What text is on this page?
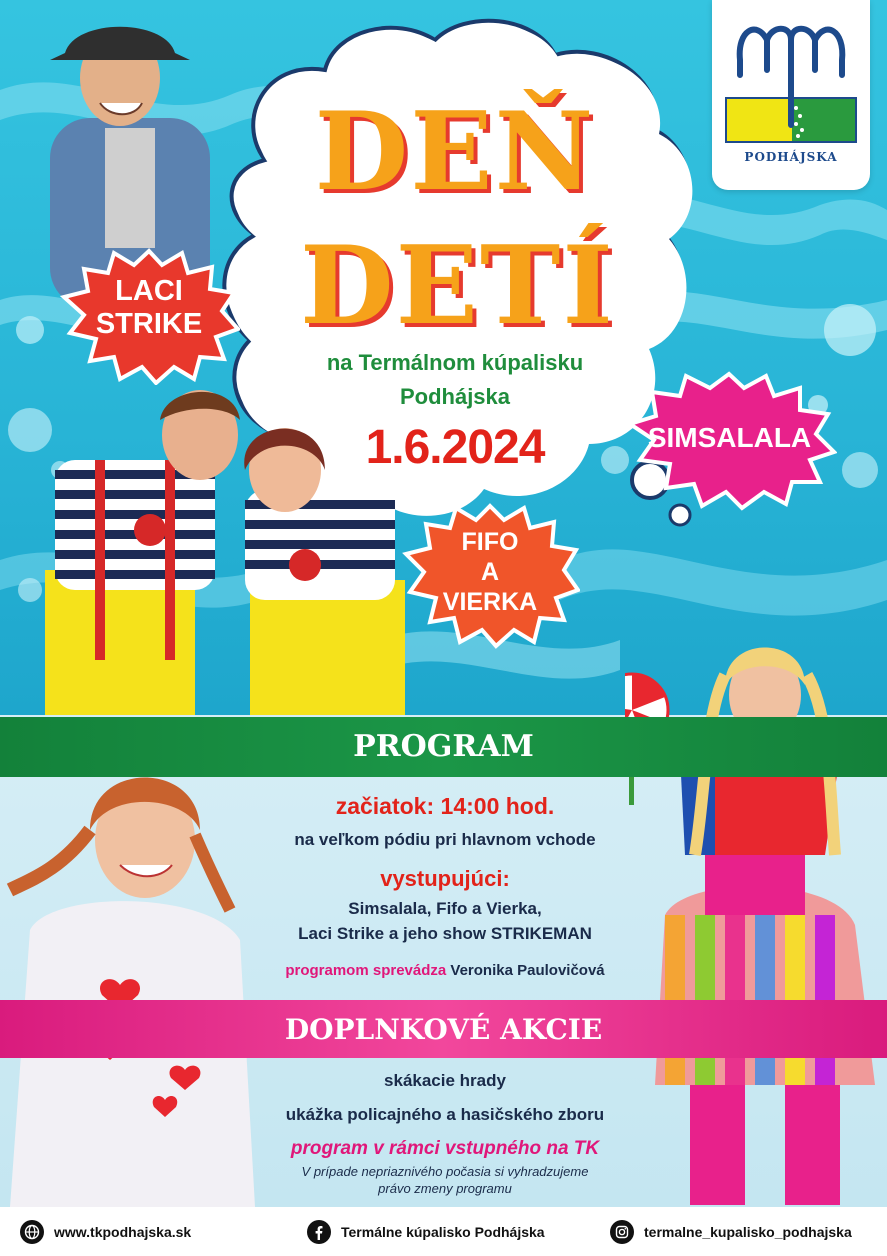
DEŇ
DETÍ
na Termálnom kúpalisku
Podhájska
1.6.2024
PODHÁJSKA
LACI
STRIKE
SIMSALALA
FIFO
A
VIERKA
PROGRAM
začiatok: 14:00 hod.
na veľkom pódiu pri hlavnom vchode
vystupujúci:
Simsalala, Fifo a Vierka,
Laci Strike a jeho show STRIKEMAN
programom sprevádza Veronika Paulovičová
DOPLNKOVÉ AKCIE
skákacie hrady
ukážka policajného a hasičského zboru
program v rámci vstupného na TK
V prípade nepriaznivého počasia si vyhradzujeme
právo zmeny programu
www.tkpodhajska.sk	Termálne kúpalisko Podhájska	termalne_kupalisko_podhajska
